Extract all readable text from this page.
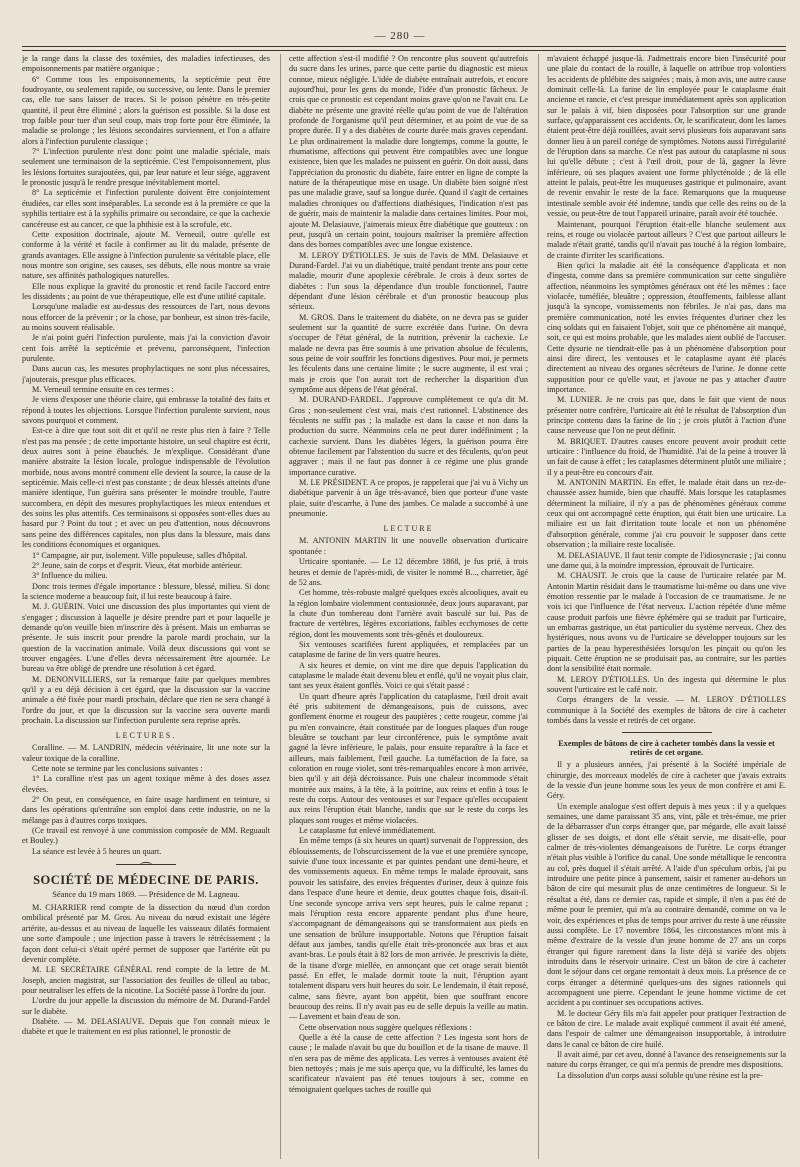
— 280 —

je la range dans la classe des toxémies, des maladies infectieuses, des empoisonnements par matière organique ;

6° Comme tous les empoisonnements, la septicémie peut être foudroyante, ou seulement rapide, ou successive, ou lente. Dans le premier cas, elle tue sans laisser de traces. Si le poison pénètre en très-petite quantité, il peut être éliminé ; alors la guérison est possible. Si la dose est trop faible pour tuer d'un seul coup, mais trop forte pour être éliminée, la maladie se prolonge ; les lésions secondaires surviennent, et l'on a affaire alors à l'infection purulente classique ;

7° L'infection purulente n'est donc point une maladie spéciale, mais seulement une terminaison de la septicémie. C'est l'empoisonnement, plus les lésions fortuites surajoutées, qui, par leur nature et leur siége, aggravent le pronostic jusqu'à le rendre presque inévitablement mortel.

8° La septicémie et l'infection purulente doivent être conjointement étudiées, car elles sont inséparables. La seconde est à la première ce que la syphilis tertiaire est à la syphilis primaire ou secondaire, ce que la cachexie cancéreuse est au cancer, ce que la phthisie est à la scrofule, etc.

Cette exposition doctrinale, ajoute M. Verneuil, outre qu'elle est conforme à la vérité et facile à confirmer au lit du malade, présente de grands avantages. Elle assigne à l'infection purulente sa véritable place, elle nous montre son origine, ses causes, ses débuts, elle nous montre sa vraie nature, ses affinités pathologiques naturelles.

Elle nous explique la gravité du pronostic et rend facile l'accord entre les dissidents ; au point de vue thérapeutique, elle est d'une utilité capitale.

Lorsqu'une maladie est au-dessus des ressources de l'art, nous devons nous efforcer de la prévenir ; or la chose, par bonheur, est sinon très-facile, au moins souvent réalisable.

Je n'ai point guéri l'infection purulente, mais j'ai la conviction d'avoir cent fois arrêté la septicémie et prévenu, parconséquent, l'infection purulente.

Dans aucun cas, les mesures prophylactiques ne sont plus nécessaires, j'ajouterais, presque plus efficaces.

M. Verneuil termine ensuite en ces termes :

Je viens d'exposer une théorie claire, qui embrasse la totalité des faits et répond à toutes les objections. Lorsque l'infection purulente survient, nous savons pourquoi et comment.

Est-ce à dire que tout soit dit et qu'il ne reste plus rien à faire ? Telle n'est pas ma pensée ; de cette importante histoire, un seul chapitre est écrit, deux autres sont à peine ébauchés. Je m'explique. Considérant d'une manière abstraite la lésion locale, prologue indispensable de l'évolution morbide, nous avons montré comment elle devient la source, la cause de la septicémie. Mais celle-ci n'est pas constante ; de deux blessés atteints d'une manière identique, l'un guérira sans présenter le moindre trouble, l'autre succombera, en dépit des mesures prophylactiques les mieux entendues et des soins les plus attentifs. Ces terminaisons si opposées sont-elles dues au hasard pur ? Point du tout ; et avec un peu d'attention, nous découvrons sans peine des différences capitales, non plus dans la blessure, mais dans les conditions économiques et organiques.

1° Campagne, air pur, isolement. Ville populeuse, salles d'hôpital.

2° Jeune, sain de corps et d'esprit. Vieux, état morbide antérieur.

3° Influence du milieu.

Donc trois termes d'égale importance : blessure, blessé, milieu. Si donc la science moderne a beaucoup fait, il lui reste beaucoup à faire.

M. J. GUÉRIN. Voici une discussion des plus importantes qui vient de s'engager ; discussion à laquelle je désire prendre part et pour laquelle je demande qu'on veuille bien m'inscrire dès à présent. Mais un embarras se présente. Je suis inscrit pour prendre la parole mardi prochain, sur la question de la vaccination animale. Voilà deux discussions qui vont se trouver engagées. L'une d'elles devra nécessairement être ajournée. Le bureau va être obligé de prendre une résolution à cet égard.

M. DENONVILLIERS, sur la remarque faite par quelques membres qu'il y a eu déjà décision à cet égard, que la discussion sur la vaccine animale a été fixée pour mardi prochain, déclare que rien ne sera changé à l'ordre du jour, et que la discussion sur la vaccine sera ouverte mardi prochain. La discussion sur l'infection purulente sera reprise après.

LECTURES.

Coralline. — M. LANDRIN, médecin vétérinaire, lit une note sur la valeur toxique de la coralline.

Cette note se termine par les conclusions suivantes :

1° La coralline n'est pas un agent toxique même à des doses assez élevées.

2° On peut, en conséquence, en faire usage hardiment en teinture, si dans les opérations qu'entraîne son emploi dans cette industrie, on ne la mélange pas à d'autres corps toxiques.

(Ce travail est renvoyé à une commission composée de MM. Reguault et Bouley.)

La séance est levée à 5 heures un quart.

SOCIÉTÉ DE MÉDECINE DE PARIS.
Séance du 19 mars 1869. — Présidence de M. Lagneau.

M. CHARRIER rend compte de la dissection du nœud d'un cordon ombilical présenté par M. Gros. Au niveau du nœud existait une légère artérite, au-dessus et au niveau de laquelle les vaisseaux dilatés formaient une sorte d'ampoule ; une injection passe à travers le rétrécissement ; la façon dont celui-ci s'était opéré permet de supposer que l'artérite eût pu devenir complète.

M. LE SECRÉTAIRE GÉNÉRAL rend compte de la lettre de M. Joseph, ancien magistrat, sur l'association des feuilles de tilleul au tabac, pour neutraliser les effets de la nicotine. La Société passe à l'ordre du jour.

L'ordre du jour appelle la discussion du mémoire de M. Durand-Fardel sur le diabète.

Diabète. — M. DELASIAUVE. Depuis que l'on connaît mieux le diabète et que le traitement en est plus rationnel, le pronostic de

cette affection s'est-il modifié ? On rencontre plus souvent qu'autrefois du sucre dans les urines, parce que cette partie du diagnostic est mieux connue, mieux négligée. L'idée de diabète entraînait autrefois, et encore aujourd'hui, pour les gens du monde, l'idée d'un pronostic fâcheux. Je crois que ce pronostic est cependant moins grave qu'on ne l'avait cru. Le diabète ne présente une gravité réelle qu'au point de vue de l'altération profonde de l'organisme qu'il peut déterminer, et au point de vue de sa propre durée. Il y a des diabètes de courte durée mais graves cependant. Le plus ordinairement la maladie dure longtemps, comme la goutte, le rhumatisme, affections qui peuvent être compatibles avec une longue existence, bien que les malades ne puissent en guérir. On doit aussi, dans l'appréciation du pronostic du diabète, faire entrer en ligne de compte la nature de la thérapeutique mise en usage. Un diabète bien soigné n'est pas une maladie grave, sauf sa longue durée. Quand il s'agit de certaines maladies chroniques ou d'affections diathésiques, l'indication n'est pas de guérir, mais de maintenir la maladie dans certaines limites. Pour moi, ajoute M. Delasiauve, j'aimerais mieux être diabétique que goutteux : on peut, jusqu'à un certain point, toujours maîtriser la première affection dans des bornes compatibles avec une longue existence.

M. LEROY D'ÉTIOLLES. Je suis de l'avis de MM. Delasiauve et Durand-Fardel. J'ai vu un diabétique, traité pendant trente ans pour cette maladie, mourir d'une apoplexie cérébrale. Je crois à deux sortes de diabètes : l'un sous la dépendance d'un trouble fonctionnel, l'autre dépendant d'une lésion cérébrale et d'un pronostic beaucoup plus sérieux.

M. GROS. Dans le traitement du diabète, on ne devra pas se guider seulement sur la quantité de sucre excrétée dans l'urine. On devra s'occuper de l'état général, de la nutrition, prévenir la cachexie. Le malade ne devra pas être soumis à une privation absolue de féculents, sous peine de voir souffrir les fonctions digestives. Pour moi, je permets les féculents dans une certaine limite ; le sucre augmente, il est vrai ; mais je crois que l'on aurait tort de rechercher la disparition d'un symptôme aux dépens de l'état général.

M. DURAND-FARDEL. J'approuve complètement ce qu'a dit M. Gros ; non-seulement c'est vrai, mais c'est rationnel. L'abstinence des féculents ne suffit pas ; la maladie est dans la cause et non dans la production du sucre. Néanmoins cela ne peut durer indéfiniment ; la cachexie survient. Dans les diabètes légers, la guérison pourra être obtenue facilement par l'abstention du sucre et des féculents, qu'on peut aggraver ; mais il ne faut pas donner à ce régime une plus grande importance curative.

M. LE PRÉSIDENT. A ce propos, je rappelerai que j'ai vu à Vichy un diabétique parvenir à un âge très-avancé, bien que porteur d'une vaste plaie, suite d'escarrhe, à l'une des jambes. Ce malade a succombé à une pneumonie.

LECTURE

M. ANTONIN MARTIN lit une nouvelle observation d'urticaire spontanée :

Urticaire spontanée. — Le 12 décembre 1868, je fus prié, à trois heures et demie de l'après-midi, de visiter le nommé B..., charretier, âgé de 52 ans.

Cet homme, très-robuste malgré quelques excès alcooliques, avait eu la région lombaire violemment contusionnée, deux jours auparavant, par la chute d'un tombereau dont l'arrière avait basculé sur lui. Pas de fracture de vertèbres, légères excoriations, faibles ecchymoses de cette région, dont les mouvements sont très-gênés et douloureux.

Six ventouses scarifiées furent appliquées, et remplacées par un cataplasme de farine de lin vers quatre heures.

A six heures et demie, on vint me dire que depuis l'application du cataplasme le malade était devenu bleu et enflé, qu'il ne voyait plus clair, tant ses yeux étaient gonflés. Voici ce qui s'était passé :

Un quart d'heure après l'application du cataplasme, l'œil droit avait été pris subitement de démangeaisons, puis de cuissons, avec gonflement énorme et rougeur des paupières ; cette rougeur, comme j'ai pu m'en convaincre, était constituée par de longues plaques d'un rouge bleuâtre se touchant par leur circonférence, puis le symptôme avait gagné la lèvre inférieure, le palais, pour ensuite reparaître à la face et ailleurs, mais faiblement, l'œil gauche. La tuméfaction de la face, sa coloration en rouge violet, sont très-remarquables encore à mon arrivée, bien qu'il y ait déjà décroissance. Puis une chaleur incommode s'était montrée aux mains, à la tête, à la poitrine, aux reins et enfin à tous le reste du corps. Autour des ventouses et sur l'espace qu'elles occupaient aux reins l'éruption était blanche, tandis que sur le reste du corps les plaques sont rouges et même violacées.

Le cataplasme fut enlevé immédiatement.

En même temps (à six heures un quart) survenait de l'oppression, des éblouissements, de l'obscurcissement de la vue et une première syncope, suivie d'une toux incessante et par quintes pendant une demi-heure, et des vomissements aqueux. En même temps le malade éprouvait, sans pouvoir les satisfaire, des envies fréquentes d'uriner, deux à quinze fois dans l'espace d'une heure et demie, deux gouttes chaque fois, disait-il. Une seconde syncope arriva vers sept heures, puis le calme reparut ; mais l'éruption resta encore apparente pendant plus d'une heure, s'accompagnant de démangeaisons qui se transformaient aux pieds en une sensation de brûlure insupportable. Notons que l'éruption faisait défaut aux jambes, tandis qu'elle était très-prononcée aux bras et aux avant-bras. Le pouls était à 82 lors de mon arrivée. Je prescrivis la diète, de la tisane d'orge miellée, en annonçant que cet orage serait bientôt passé. En effet, le malade dormit toute la nuit, l'éruption ayant totalement disparu vers huit heures du soir. Le lendemain, il était reposé, calme, sans fièvre, ayant bon appétit, bien que souffrant encore beaucoup des reins. Il n'y avait pas eu de selle depuis la veille au matin. — Lavement et bain d'eau de son.

Cette observation nous suggère quelques réflexions :

Quelle a été la cause de cette affection ? Les ingesta sont hors de cause ; le malade n'avait bu que du bouillon et de la tisane de mauve. Il n'en sera pas de même des applicata. Les verres à ventouses avaient été bien nettoyés ; mais je me suis aperçu que, vu la difficulté, les lames du scarificateur n'avaient pas été tenues toujours à sec, comme en témoignaient quelques taches de rouille qui

m'avaient échappé jusque-là. J'admettrais encore bien l'insécurité pour une plaie du contact de la rouille, à laquelle on attribue trop volontiers les accidents de phlébite des saignées ; mais, à mon avis, une autre cause dominait celle-là. La farine de lin employée pour le cataplasme était ancienne et rancie, et c'est presque immédiatement après son application sur le palais à vif, bien disposées pour l'absorption sur une grande surface, qu'apparaissent ces accidents. Or, le scarificateur, dont les lames étaient peut-être déjà rouillées, avait servi plusieurs fois auparavant sans donner lieu à un pareil cortége de symptômes. Notons aussi l'irrégularité de l'éruption dans sa marche. Ce n'est pas autour du cataplasme ni sous lui qu'elle débute ; c'est à l'œil droit, pour de là, gagner la lèvre inférieure, où ses plaques avaient une forme phlycténoïde ; de là elle atteint le palais, peut-être les muqueuses gastrique et pulmonaire, avant de revenir envahir le reste de la face. Remarquons que la muqueuse intestinale semble avoir été indemne, tandis que celle des reins ou de la vessie, ou peut-être de tout l'appareil urinaire, paraît avoir été touchée.

Maintenant, pourquoi l'éruption était-elle blanche seulement aux reins, et rouge ou violacée partout ailleurs ? C'est que partout ailleurs le malade n'était gratté, tandis qu'il n'avait pas touché à la région lombaire, de crainte d'irriter les scarifications.

Bien qu'ici la maladie ait été la conséquence d'applicata et non d'ingesta, comme dans sa première communication sur cette singulière affection, néanmoins les symptômes généraux ont été les mêmes : face violacée, tuméfiée, bleuâtre ; oppression, étouffements, faiblesse allant jusqu'à la syncope, vomissements non fébriles. Je n'ai pas, dans ma première communication, noté les envies fréquentes d'uriner chez les cinq soldats qui en faisaient l'objet, soit que ce phénomène ait manqué, soit, ce qui est moins probable, que les malades aient oublié de l'accuser. Cette dysurie ne tiendrait-elle pas à un phénomène d'absorption pour ainsi dire direct, les ventouses et le cataplasme ayant été placés directement au niveau des organes sécréteurs de l'urine. Je donne cette supposition pour ce qu'elle vaut, et j'avoue ne pas y attacher d'autre importance.

M. LUNIER. Je ne crois pas que, dans le fait que vient de nous présenter notre confrère, l'urticaire ait été le résultat de l'absorption d'un principe contenu dans la farine de lin ; je crois plutôt à l'action d'une cause nerveuse que l'on ne peut définir.

M. BRIQUET. D'autres causes encore peuvent avoir produit cette urticaire : l'influence du froid, de l'humidité. J'ai de la peine à trouver là un fait de cause à effet ; les cataplasmes déterminent plutôt une miliaire ; il y a peut-être eu concours d'air.

M. ANTONIN MARTIN. En effet, le malade était dans un rez-de-chaussée assez humide, bien que chauffé. Mais lorsque les cataplasmes déterminent la miliaire, il n'y a pas de phénomènes généraux comme ceux qui ont accompagné cette éruption, qui était bien une urticaire. La miliaire est un fait d'irritation toute locale et non un phénomène d'absorption générale, comme j'ai cru pouvoir le supposer dans cette observation ; la miliaire reste localisée.

M. DELASIAUVE. Il faut tenir compte de l'idiosyncrasie ; j'ai connu une dame qui, à la moindre impression, éprouvait de l'urticaire.

M. CHAUSIT. Je crois que la cause de l'urticaire relatée par M. Antonin Martin résidait dans le traumatisme lui-même ou dans une vive émotion ressentie par le malade à l'occasion de ce traumatisme. Je ne vois ici que l'influence de l'état nerveux. L'action répétée d'une même cause produit parfois une fièvre éphémère qui se traduit par l'urticaire, un embarras gastrique, un état particulier du système nerveux. Chez des hystériques, nous avons vu de l'urticaire se développer toujours sur les parties de la peau hyperesthésiées lorsqu'on les pinçait ou qu'on les piquait. Cette éruption ne se produisait pas, au contraire, sur les parties dont la sensibilité était normale.

M. LEROY D'ÉTIOLLES. Un des ingesta qui détermine le plus souvent l'urticaire est le café noir.

Corps étrangers de la vessie. — M. LEROY D'ÉTIOLLES communique à la Société des exemples de bâtons de cire à cacheter tombés dans la vessie et retirés de cet organe.

Exemples de bâtons de cire à cacheter tombés dans la vessie et retirés de cet organe.

Il y a plusieurs années, j'ai présenté à la Société impériale de chirurgie, des morceaux modelés de cire à cacheter que j'avais extraits de la vessie d'un jeune homme sous les yeux de mon confrère et ami E. Géry.

Un exemple analogue s'est offert depuis à mes yeux : il y a quelques semaines, une dame paraissant 35 ans, vint, pâle et très-émue, me prier de la débarrasser d'un corps étranger que, par mégarde, elle avait laissé glisser de ses doigts, et dont elle s'était servie, me disait-elle, pour calmer de très-violentes démangeaisons de l'urètre. Le corps étranger n'était plus visible à l'orifice du canal. Une sonde métallique le rencontra au col, près duquel il s'était arrêté. A l'aide d'un spéculum orbis, j'ai pu introduire une petite pince à pansement, saisir et ramener au-dehors un bâton de cire qui mesurait plus de onze centimètres de longueur. Si le résultat a été, dans ce dernier cas, rapide et simple, il n'en a pas été de même pour le premier, qui m'a au contraire demandé, comme on va le voir, des expériences et plus de temps pour arriver du reste à une réussite aussi complète. Le 17 novembre 1864, les circonstances m'ont mis à même d'extraire de la vessie d'un jeune homme de 27 ans un corps étranger qui figure rarement dans la liste déjà si variée des objets introduits dans le réservoir urinaire. C'est un bâton de cire à cacheter dont le séjour dans cet organe remontait à deux mois. La présence de ce corps étranger a déterminé quelques-uns des signes rationnels qui accompagnent une pierre. Cependant le jeune homme victime de cet accident a pu continuer ses occupations actives.

M. le docteur Géry fils m'a fait appeler pour pratiquer l'extraction de ce bâton de cire. Le malade avait expliqué comment il avait été amené, dans l'espoir de calmer une démangeaison insupportable, à introduire dans le canal ce bâton de cire huilé.

Il avait aimé, par cet aveu, donné à l'avance des renseignements sur la nature du corps étranger, ce qui m'a permis de prendre mes dispositions.

La dissolution d'un corps aussi soluble qu'une résine est la pre-
